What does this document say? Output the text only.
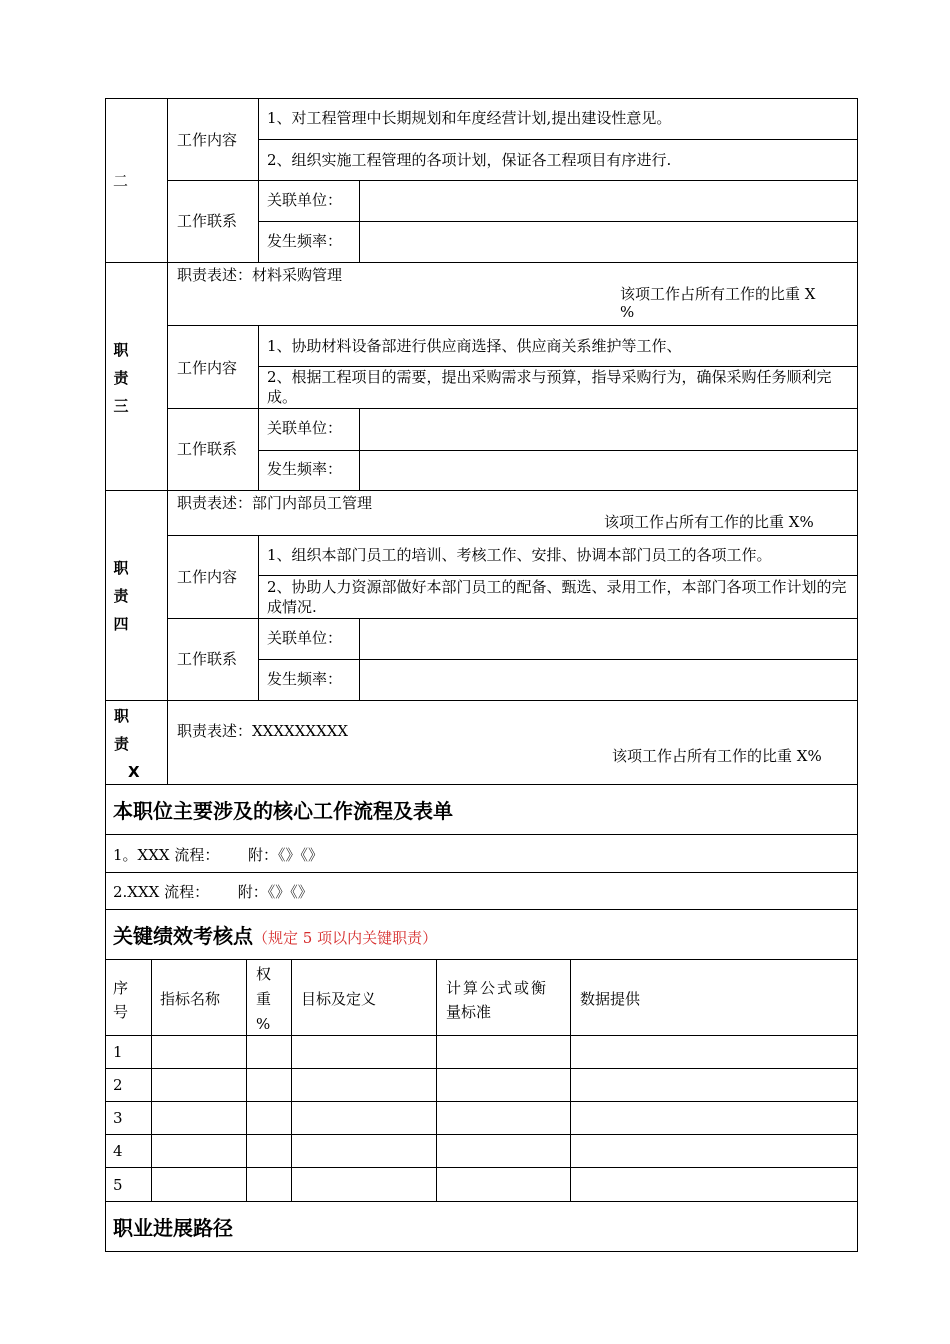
二
工作内容
1、对工程管理中长期规划和年度经营计划,提出建设性意见。
2、组织实施工程管理的各项计划，保证各工程项目有序进行.
工作联系
关联单位：
发生频率：
职
责
三
职责表述：材料采购管理
该项工作占所有工作的比重 X
%
工作内容
1、协助材料设备部进行供应商选择、供应商关系维护等工作、
2、根据工程项目的需要，提出采购需求与预算，指导采购行为，确保采购任务顺利完成。
工作联系
关联单位：
发生频率：
职
责
四
职责表述：部门内部员工管理
该项工作占所有工作的比重 X%
工作内容
1、组织本部门员工的培训、考核工作、安排、协调本部门员工的各项工作。
2、协助人力资源部做好本部门员工的配备、甄选、录用工作，本部门各项工作计划的完成情况.
工作联系
关联单位：
发生频率：
职
责
X
职责表述：XXXXXXXXX
该项工作占所有工作的比重 X%
本职位主要涉及的核心工作流程及表单
1。XXX 流程：      附：《》《》
2.XXX 流程：      附：《》《》
关键绩效考核点（规定 5 项以内关键职责）
序
号
指标名称
权
重
%
目标及定义
计算公式或衡
量标准
数据提供
1
2
3
4
5
职业进展路径
